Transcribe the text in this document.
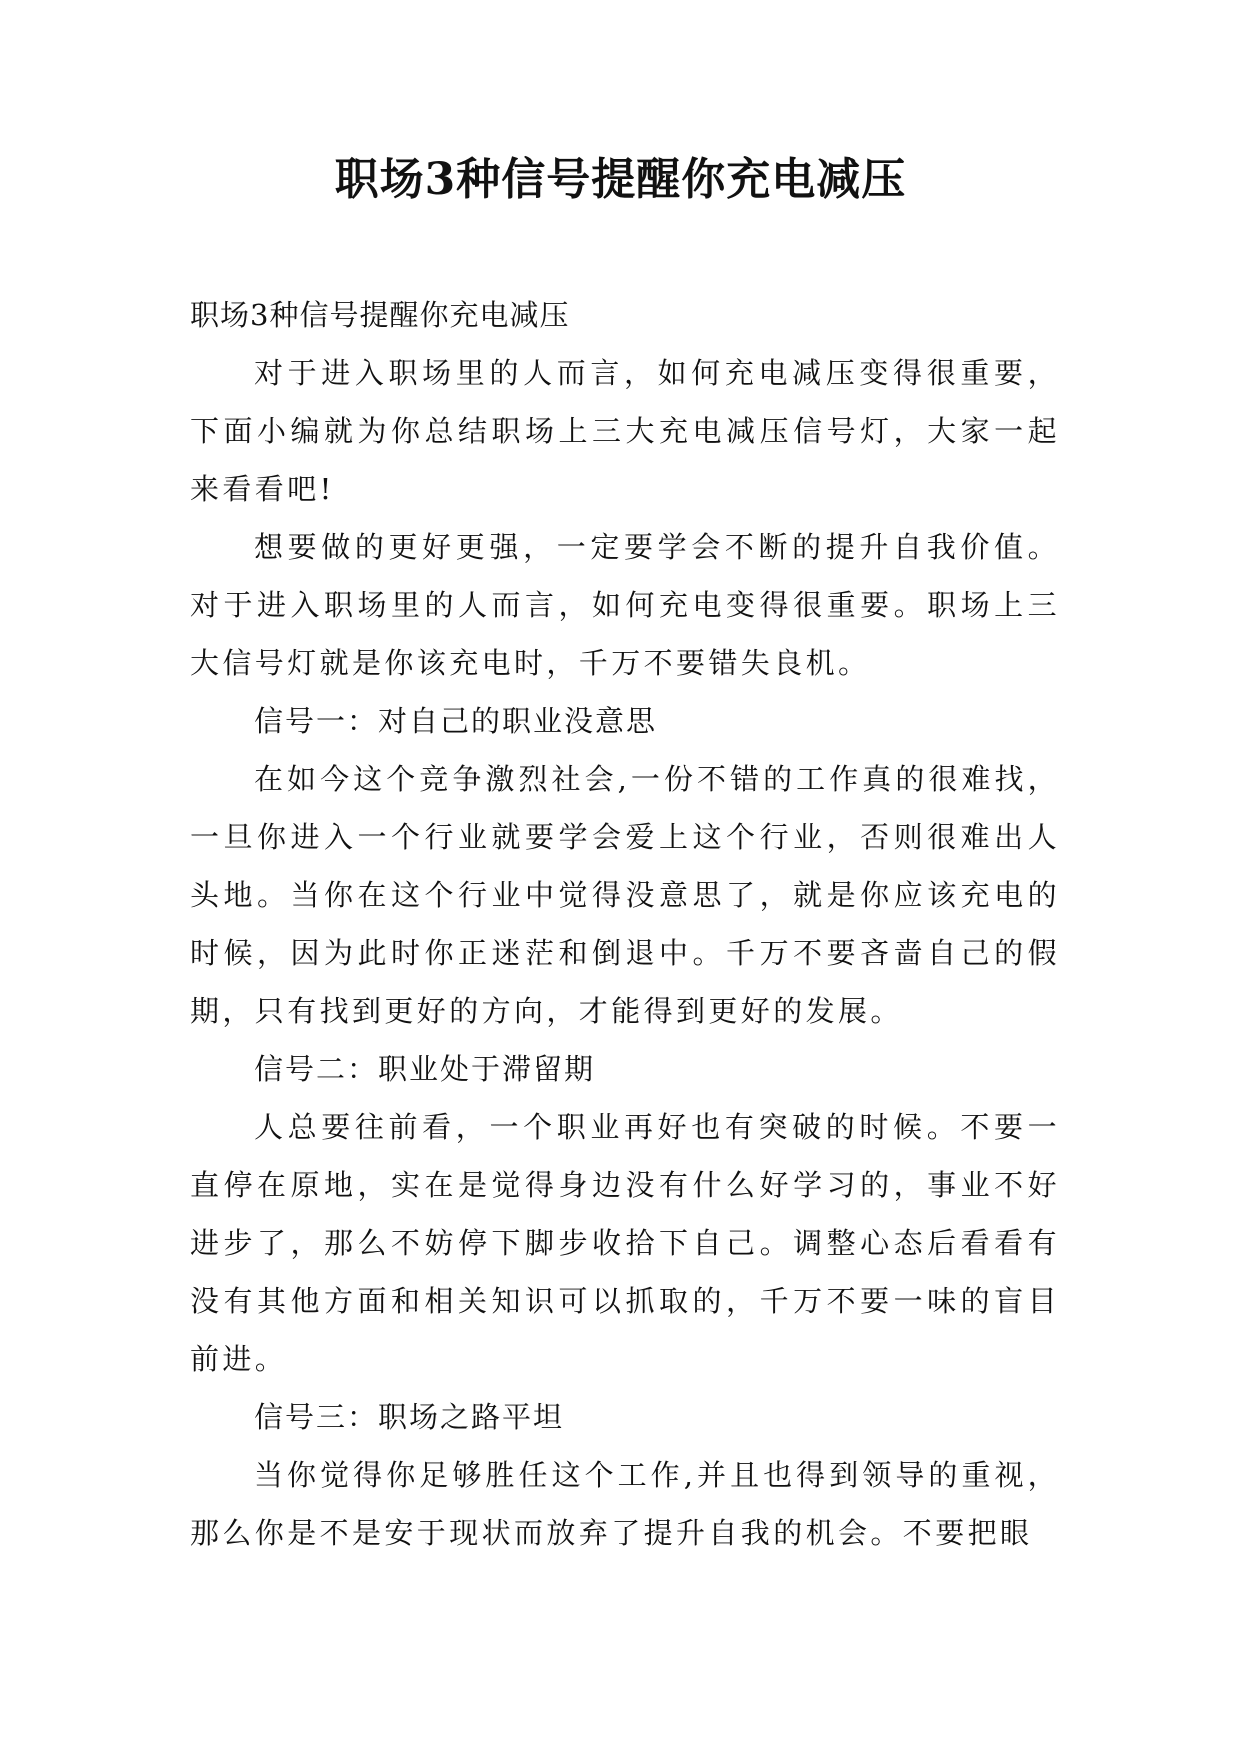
职场3种信号提醒你充电减压

职场3种信号提醒你充电减压

对于进入职场里的人而言，如何充电减压变得很重要，下面小编就为你总结职场上三大充电减压信号灯，大家一起来看看吧!

想要做的更好更强，一定要学会不断的提升自我价值。对于进入职场里的人而言，如何充电变得很重要。职场上三大信号灯就是你该充电时，千万不要错失良机。

信号一：对自己的职业没意思

在如今这个竞争激烈社会,一份不错的工作真的很难找，一旦你进入一个行业就要学会爱上这个行业，否则很难出人头地。当你在这个行业中觉得没意思了，就是你应该充电的时候，因为此时你正迷茫和倒退中。千万不要吝啬自己的假期，只有找到更好的方向，才能得到更好的发展。

信号二：职业处于滞留期

人总要往前看，一个职业再好也有突破的时候。不要一直停在原地，实在是觉得身边没有什么好学习的，事业不好进步了，那么不妨停下脚步收拾下自己。调整心态后看看有没有其他方面和相关知识可以抓取的，千万不要一味的盲目前进。

信号三：职场之路平坦

当你觉得你足够胜任这个工作,并且也得到领导的重视，那么你是不是安于现状而放弃了提升自我的机会。不要把眼
